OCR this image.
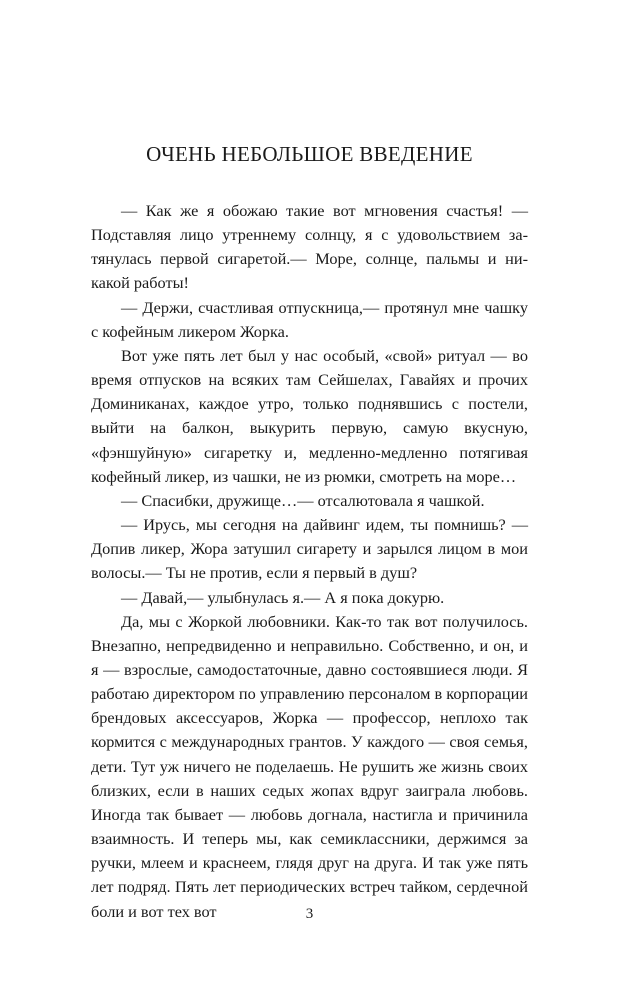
ОЧЕНЬ НЕБОЛЬШОЕ ВВЕДЕНИЕ

— Как же я обожаю такие вот мгновения счастья! — Подставляя лицо утреннему солнцу, я с удовольствием затянулась первой сигаретой.— Море, солнце, пальмы и никакой работы!

— Держи, счастливая отпускница,— протянул мне чашку с кофейным ликером Жорка.

Вот уже пять лет был у нас особый, «свой» ритуал — во время отпусков на всяких там Сейшелах, Гавайях и прочих Доминиканах, каждое утро, только поднявшись с постели, выйти на балкон, выкурить первую, самую вкусную, «фэншуйную» сигаретку и, медленно-медленно потягивая кофейный ликер, из чашки, не из рюмки, смотреть на море…

— Спасибки, дружище…— отсалютовала я чашкой.

— Ирусь, мы сегодня на дайвинг идем, ты помнишь? — Допив ликер, Жора затушил сигарету и зарылся лицом в мои волосы.— Ты не против, если я первый в душ?

— Давай,— улыбнулась я.— А я пока докурю.

Да, мы с Жоркой любовники. Как-то так вот получилось. Внезапно, непредвиденно и неправильно. Собственно, и он, и я — взрослые, самодостаточные, давно состоявшиеся люди. Я работаю директором по управлению персоналом в корпорации брендовых аксессуаров, Жорка — профессор, неплохо так кормится с международных грантов. У каждого — своя семья, дети. Тут уж ничего не поделаешь. Не рушить же жизнь своих близких, если в наших седых жопах вдруг заиграла любовь. Иногда так бывает — любовь догнала, настигла и причинила взаимность. И теперь мы, как семиклассники, держимся за ручки, млеем и краснеем, глядя друг на друга. И так уже пять лет подряд. Пять лет периодических встреч тайком, сердечной боли и вот тех вот	3
